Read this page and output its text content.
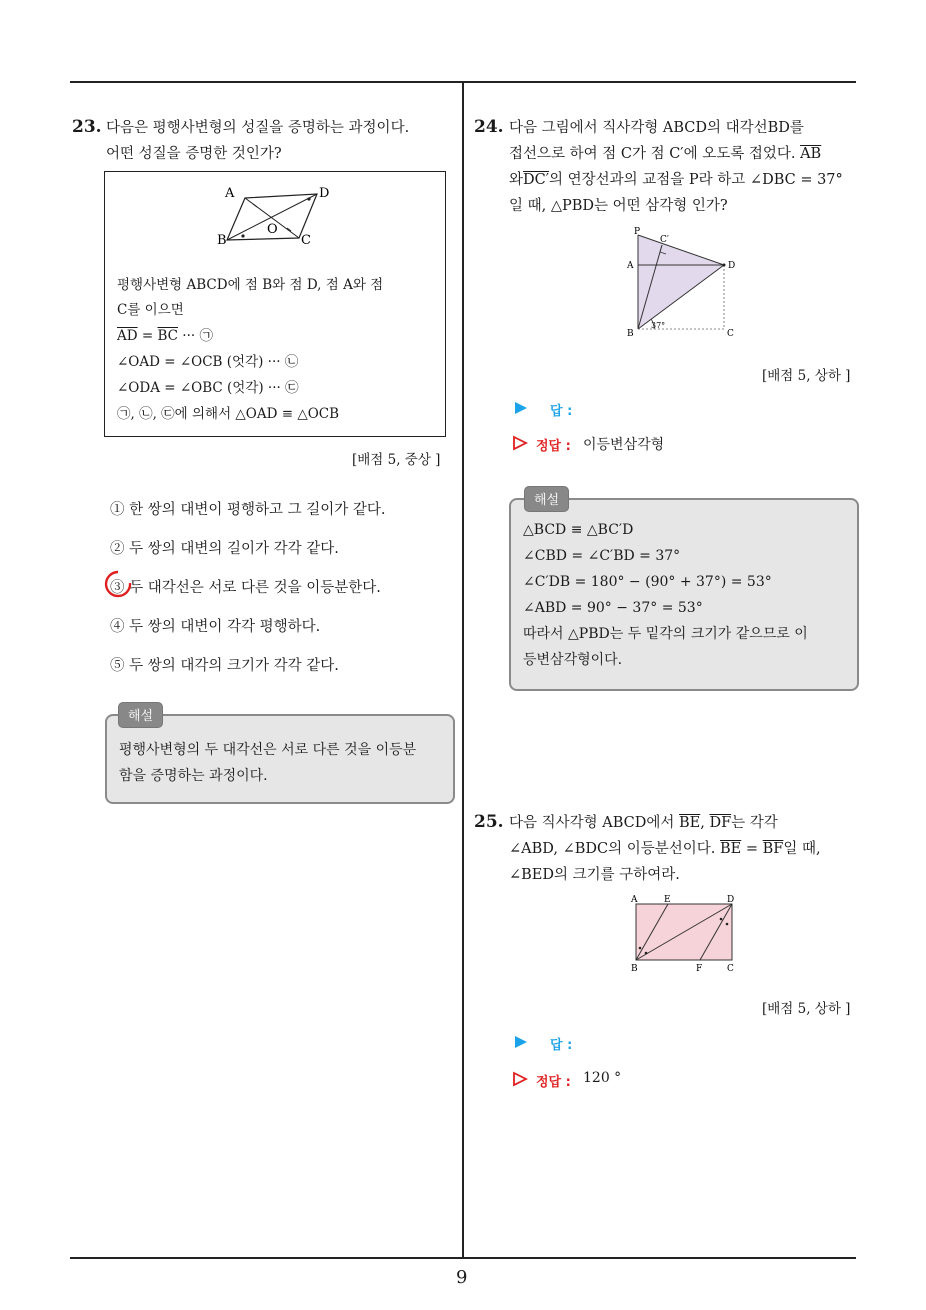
9
23. 다음은 평행사변형의 성질을 증명하는 과정이다.
어떤 성질을 증명한 것인가?
A	D
B	C
O
평행사변형 ABCD에 점 B와 점 D, 점 A와 점
C를 이으면
$\overline{AD} = \overline{BC}$ ··· ㉠
∠OAD = ∠OCB (엇각) ··· ㉡
∠ODA = ∠OBC (엇각) ··· ㉢
㉠, ㉡, ㉢에 의해서 △OAD ≡ △OCB
[배점 5, 중상 ]
① 한 쌍의 대변이 평행하고 그 길이가 같다.
② 두 쌍의 대변의 길이가 각각 같다.
③ 두 대각선은 서로 다른 것을 이등분한다.
④ 두 쌍의 대변이 각각 평행하다.
⑤ 두 쌍의 대각의 크기가 각각 같다.
평행사변형의 두 대각선은 서로 다른 것을 이등분
함을 증명하는 과정이다.
해설
24. 다음 그림에서 직사각형 ABCD의 대각선BD를
접선으로 하여 점 C가 점 C′에 오도록 접었다. $\overline{AB}$
와DC′의 연장선과의 교점을 P라 하고 ∠DBC = 37°
일 때, △PBD는 어떤 삼각형 인가?
P
C′
A	D
B	C
37°
[배점 5, 상하 ]
답 :
정답 : 이등변삼각형
△BCD ≡ △BC′D
∠CBD = ∠C′BD = 37°
∠C′DB = 180° − (90° + 37°) = 53°
∠ABD = 90° − 37° = 53°
따라서 △PBD는 두 밑각의 크기가 같으므로 이
등변삼각형이다.
해설
25. 다음 직사각형 ABCD에서 $\overline{BE}$, $\overline{DF}$는 각각
∠ABD, ∠BDC의 이등분선이다. $\overline{BE} = \overline{BF}$일 때,
∠BED의 크기를 구하여라.
A	E	D
B	F	C
[배점 5, 상하 ]
답 :
정답 : 120 °
